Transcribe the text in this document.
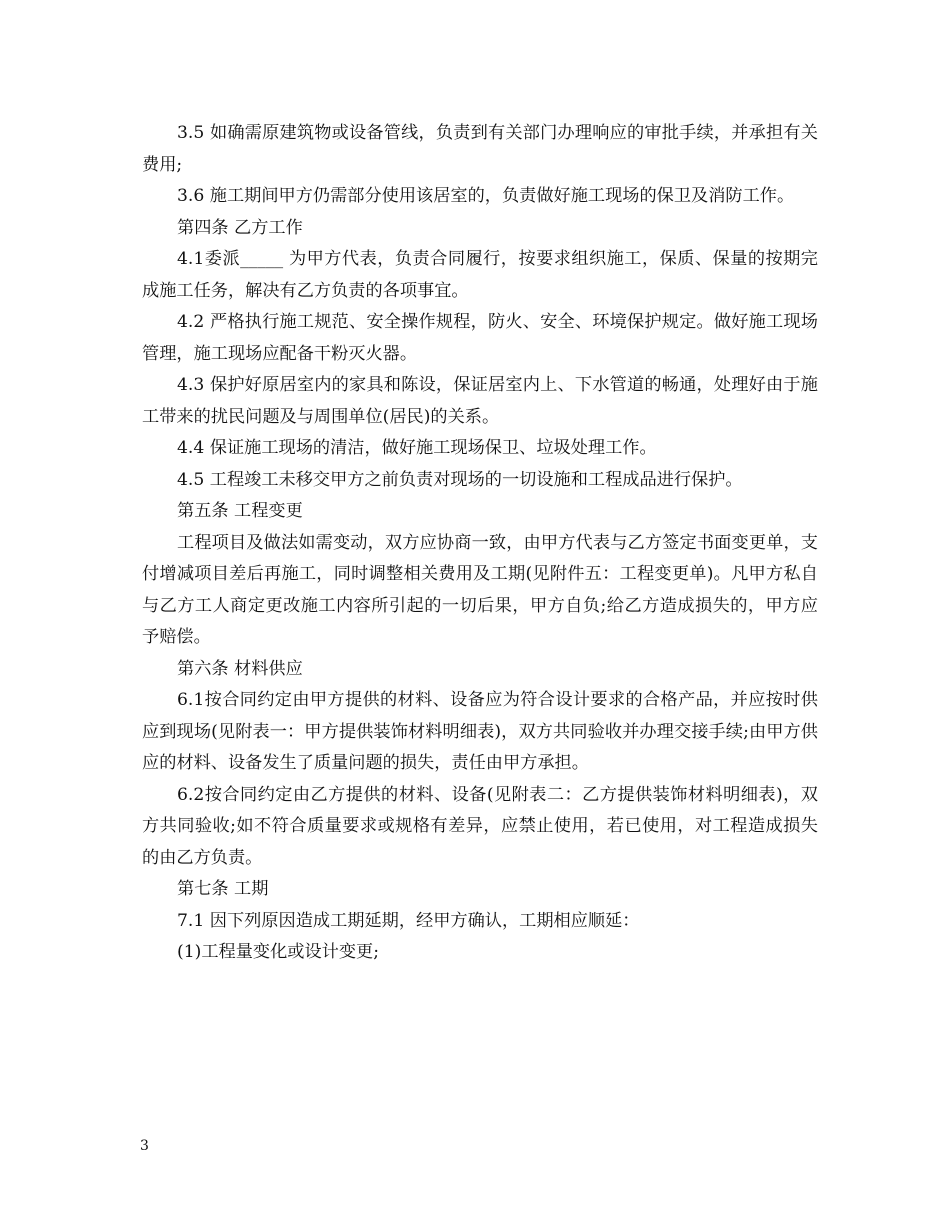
3.5 如确需原建筑物或设备管线，负责到有关部门办理响应的审批手续，并承担有关费用;

3.6 施工期间甲方仍需部分使用该居室的，负责做好施工现场的保卫及消防工作。

第四条 乙方工作

4.1委派_____ 为甲方代表，负责合同履行，按要求组织施工，保质、保量的按期完成施工任务，解决有乙方负责的各项事宜。

4.2 严格执行施工规范、安全操作规程，防火、安全、环境保护规定。做好施工现场管理，施工现场应配备干粉灭火器。

4.3 保护好原居室内的家具和陈设，保证居室内上、下水管道的畅通，处理好由于施工带来的扰民问题及与周围单位(居民)的关系。

4.4 保证施工现场的清洁，做好施工现场保卫、垃圾处理工作。

4.5 工程竣工未移交甲方之前负责对现场的一切设施和工程成品进行保护。

第五条 工程变更

工程项目及做法如需变动，双方应协商一致，由甲方代表与乙方签定书面变更单，支付增减项目差后再施工，同时调整相关费用及工期(见附件五：工程变更单)。凡甲方私自与乙方工人商定更改施工内容所引起的一切后果，甲方自负;给乙方造成损失的，甲方应予赔偿。

第六条 材料供应

6.1按合同约定由甲方提供的材料、设备应为符合设计要求的合格产品，并应按时供应到现场(见附表一：甲方提供装饰材料明细表)，双方共同验收并办理交接手续;由甲方供应的材料、设备发生了质量问题的损失，责任由甲方承担。

6.2按合同约定由乙方提供的材料、设备(见附表二：乙方提供装饰材料明细表)，双方共同验收;如不符合质量要求或规格有差异，应禁止使用，若已使用，对工程造成损失的由乙方负责。

第七条 工期

7.1 因下列原因造成工期延期，经甲方确认，工期相应顺延：

(1)工程量变化或设计变更;

3
